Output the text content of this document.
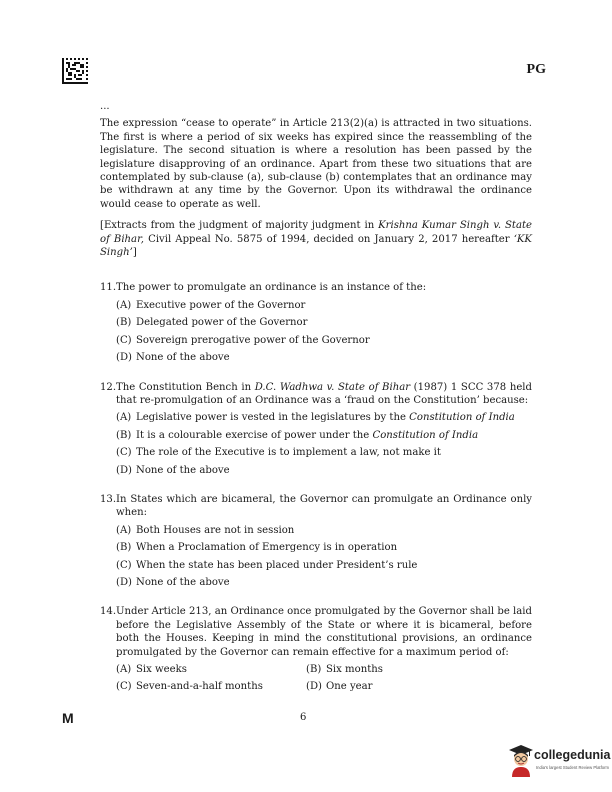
PG

...

The expression “cease to operate” in Article 213(2)(a) is attracted in two situations. The first is where a period of six weeks has expired since the reassembling of the legislature. The second situation is where a resolution has been passed by the legislature disapproving of an ordinance. Apart from these two situations that are contemplated by sub-clause (a), sub-clause (b) contemplates that an ordinance may be withdrawn at any time by the Governor. Upon its withdrawal the ordinance would cease to operate as well.

[Extracts from the judgment of majority judgment in Krishna Kumar Singh v. State of Bihar, Civil Appeal No. 5875 of 1994, decided on January 2, 2017 hereafter ‘KK Singh’]

11. The power to promulgate an ordinance is an instance of the:
(A) Executive power of the Governor
(B) Delegated power of the Governor
(C) Sovereign prerogative power of the Governor
(D) None of the above
12. The Constitution Bench in D.C. Wadhwa v. State of Bihar (1987) 1 SCC 378 held that re-promulgation of an Ordinance was a ‘fraud on the Constitution’ because:
(A) Legislative power is vested in the legislatures by the Constitution of India
(B) It is a colourable exercise of power under the Constitution of India
(C) The role of the Executive is to implement a law, not make it
(D) None of the above
13. In States which are bicameral, the Governor can promulgate an Ordinance only when:
(A) Both Houses are not in session
(B) When a Proclamation of Emergency is in operation
(C) When the state has been placed under President’s rule
(D) None of the above
14. Under Article 213, an Ordinance once promulgated by the Governor shall be laid before the Legislative Assembly of the State or where it is bicameral, before both the Houses. Keeping in mind the constitutional provisions, an ordinance promulgated by the Governor can remain effective for a maximum period of:
(A) Six weeks	(B) Six months
(C) Seven-and-a-half months	(D) One year
M	6
collegedunia
India's largest Student Review Platform
